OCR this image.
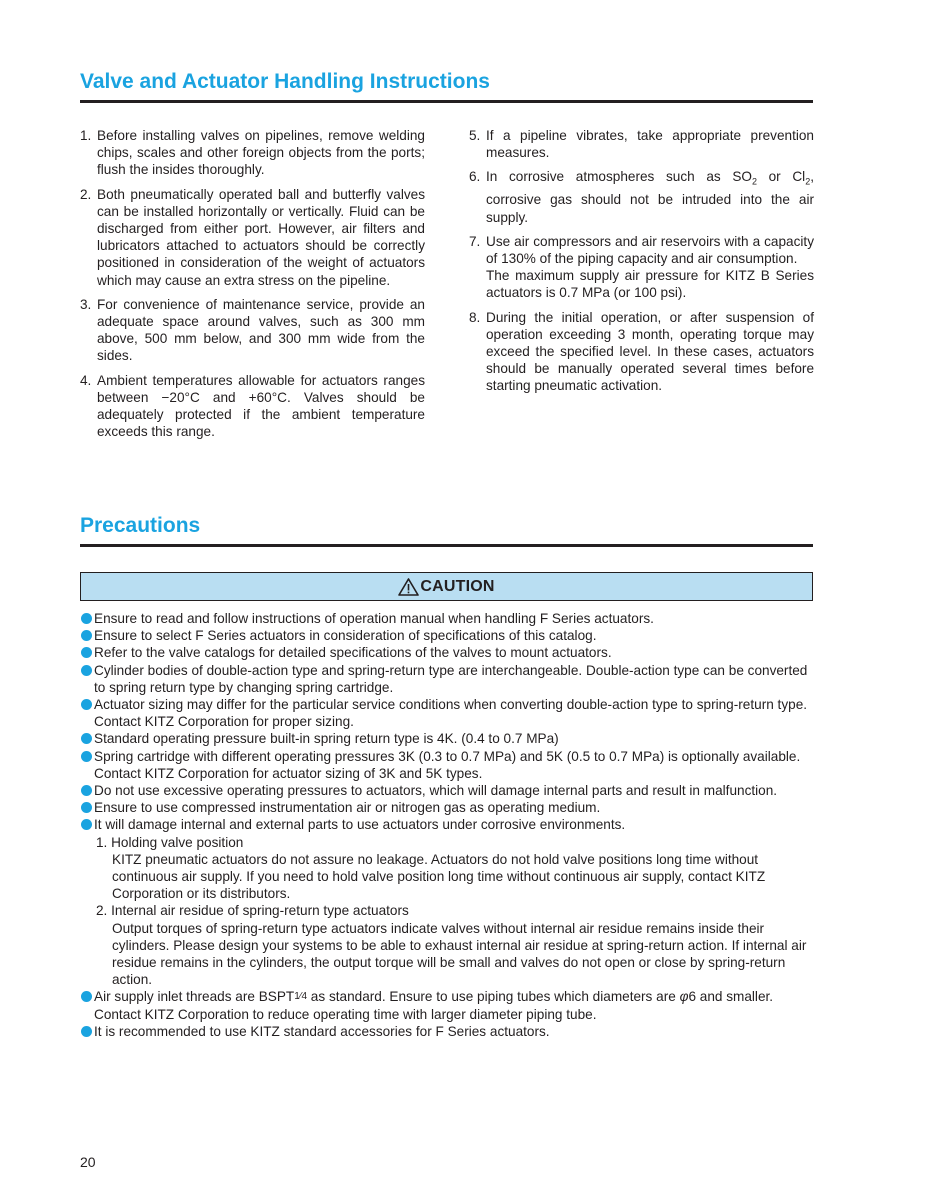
Valve and Actuator Handling Instructions
1. Before installing valves on pipelines, remove welding chips, scales and other foreign objects from the ports; flush the insides thoroughly.

2. Both pneumatically operated ball and butterfly valves can be installed horizontally or vertically. Fluid can be discharged from either port. However, air filters and lubricators attached to actuators should be correctly positioned in consideration of the weight of actuators which may cause an extra stress on the pipeline.

3. For convenience of maintenance service, provide an adequate space around valves, such as 300 mm above, 500 mm below, and 300 mm wide from the sides.

4. Ambient temperatures allowable for actuators ranges between −20°C and +60°C. Valves should be adequately protected if the ambient temperature exceeds this range.

5. If a pipeline vibrates, take appropriate prevention measures.

6. In corrosive atmospheres such as $SO_2$ or $Cl_2$, corrosive gas should not be intruded into the air supply.

7. Use air compressors and air reservoirs with a capacity of 130% of the piping capacity and air consumption.

The maximum supply air pressure for KITZ B Series actuators is 0.7 MPa (or 100 psi).

8. During the initial operation, or after suspension of operation exceeding 3 month, operating torque may exceed the specified level. In these cases, actuators should be manually operated several times before starting pneumatic activation.

Precautions
CAUTION
Ensure to read and follow instructions of operation manual when handling F Series actuators.
Ensure to select F Series actuators in consideration of specifications of this catalog.
Refer to the valve catalogs for detailed specifications of the valves to mount actuators.
Cylinder bodies of double-action type and spring-return type are interchangeable. Double-action type can be converted to spring return type by changing spring cartridge.
Actuator sizing may differ for the particular service conditions when converting double-action type to spring-return type. Contact KITZ Corporation for proper sizing.
Standard operating pressure built-in spring return type is 4K. (0.4 to 0.7 MPa)
Spring cartridge with different operating pressures 3K (0.3 to 0.7 MPa) and 5K (0.5 to 0.7 MPa) is optionally available. Contact KITZ Corporation for actuator sizing of 3K and 5K types.
Do not use excessive operating pressures to actuators, which will damage internal parts and result in malfunction.
Ensure to use compressed instrumentation air or nitrogen gas as operating medium.
It will damage internal and external parts to use actuators under corrosive environments.
1. Holding valve position
KITZ pneumatic actuators do not assure no leakage. Actuators do not hold valve positions long time without continuous air supply. If you need to hold valve position long time without continuous air supply, contact KITZ Corporation or its distributors.
2. Internal air residue of spring-return type actuators
Output torques of spring-return type actuators indicate valves without internal air residue remains inside their cylinders. Please design your systems to be able to exhaust internal air residue at spring-return action. If internal air residue remains in the cylinders, the output torque will be small and valves do not open or close by spring-return action.
Air supply inlet threads are BSPT1⁄4 as standard. Ensure to use piping tubes which diameters are φ6 and smaller. Contact KITZ Corporation to reduce operating time with larger diameter piping tube.
It is recommended to use KITZ standard accessories for F Series actuators.
20
